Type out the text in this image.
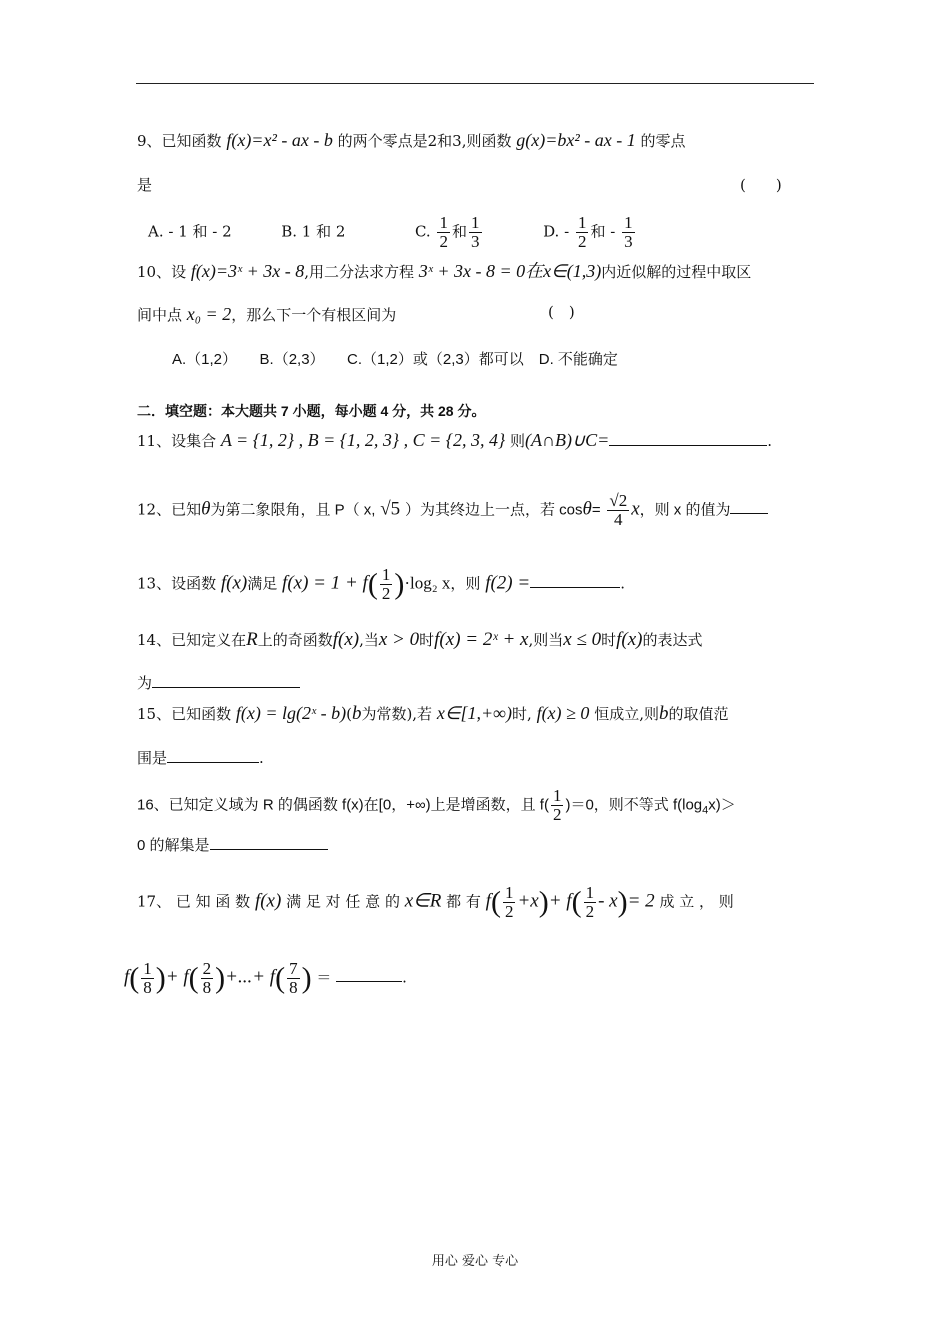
9、已知函数 f(x)=x² - ax - b 的两个零点是2和3,则函数 g(x)=bx² - ax - 1 的零点
是	(　　)
A. - 1 和 - 2	B. 1 和 2	C. $\frac{1}{2}$ 和 $\frac{1}{3}$	D. - $\frac{1}{2}$ 和 - $\frac{1}{3}$
10、设 f(x)=3ˣ + 3x - 8,用二分法求方程 3ˣ + 3x - 8 = 0在x∈(1,3)内近似解的过程中取区
间中点 x₀ = 2，那么下一个有根区间为	(　)
A.（1,2）　　B.（2,3）　　C.（1,2）或（2,3）都可以　D. 不能确定
二．填空题：本大题共 7 小题，每小题 4 分，共 28 分。
11、设集合 A = {1, 2} , B = {1, 2, 3} , C = {2, 3, 4} 则(A∩B)∪C=	.
12、已知θ为第二象限角，且 P（ x, √5 ）为其终边上一点，若 $\cos\theta= \frac{√2}{4}$ x，则 x 的值为
13、设函数 f(x)满足 $f(x) = 1 + f( \frac{1}{2} )\cdot\log_2$ x，则 f(2) =	.
14、已知定义在R上的奇函数f(x),当x > 0时f(x) = 2ˣ + x,则当x ≤ 0时f(x)的表达式
为
15、已知函数 f(x) = lg(2ˣ - b)(b为常数),若 x∈[1,+∞)时, f(x) ≥ 0 恒成立,则b的取值范
围是	.
16、已知定义域为 R 的偶函数 f(x)在[0，+∞)上是增函数，且 $f( \frac{1}{2} )=0$，则不等式 $f(\log_4x)>$
0 的解集是
17、 已 知 函 数 f(x) 满 足 对 任 意 的 x∈R 都 有 $f( \frac{1}{2} +x)+ f( \frac{1}{2} - x)= 2$ 成 立 ， 则
$f( \frac{1}{8}$ )+ $f( \frac{2}{8}$ )+...+ $f( \frac{7}{8}$ ) ＝	.
用心 爱心 专心
